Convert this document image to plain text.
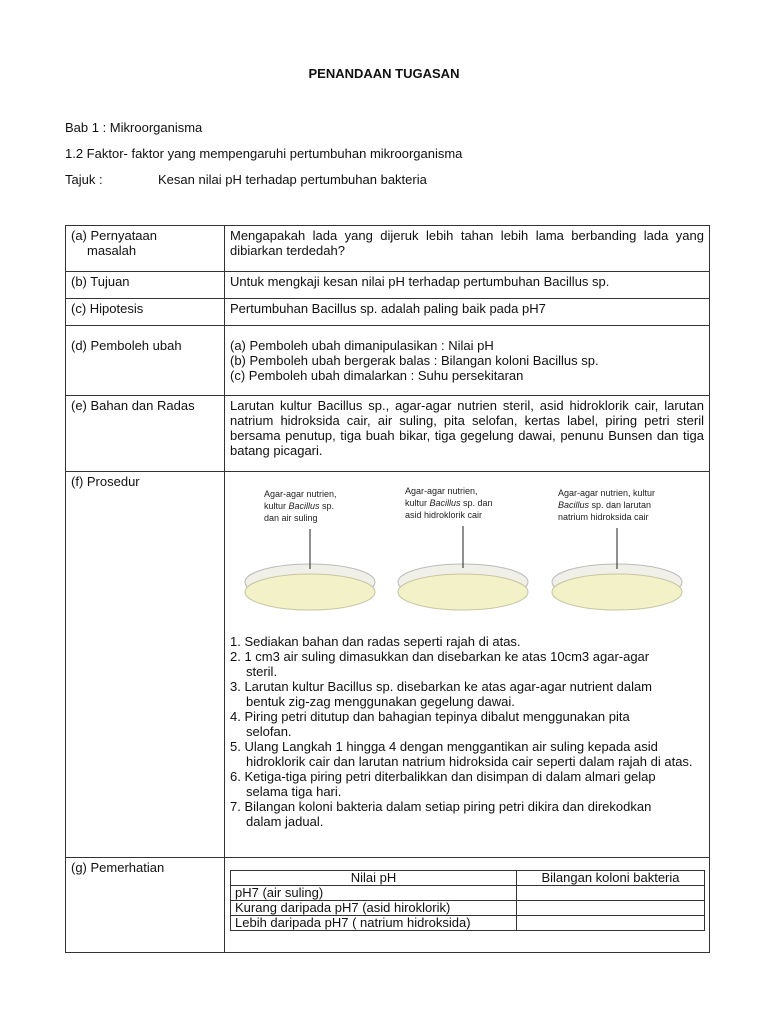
PENANDAAN TUGASAN
Bab 1 : Mikroorganisma
1.2 Faktor- faktor yang mempengaruhi pertumbuhan mikroorganisma
Tajuk :	Kesan nilai pH terhadap pertumbuhan bakteria
(a) Pernyataan
masalah
	Mengapakah lada yang dijeruk lebih tahan lebih lama berbanding lada yang dibiarkan terdedah?
(b) Tujuan	Untuk mengkaji kesan nilai pH terhadap pertumbuhan Bacillus sp.
(c) Hipotesis	Pertumbuhan Bacillus sp. adalah paling baik pada pH7
(d) Pemboleh ubah	(a) Pemboleh ubah dimanipulasikan : Nilai pH
(b) Pemboleh ubah bergerak balas : Bilangan koloni Bacillus sp.
(c) Pemboleh ubah dimalarkan : Suhu persekitaran

(e) Bahan dan Radas	Larutan kultur Bacillus sp., agar-agar nutrien steril, asid hidroklorik cair, larutan natrium hidroksida cair, air suling, pita selofan, kertas label, piring petri steril bersama penutup, tiga buah bikar, tiga gegelung dawai, penunu Bunsen dan tiga batang picagari.
(f) Prosedur	
Agar-agar nutrien,
kultur Bacillus sp.
dan air suling
Agar-agar nutrien,
kultur Bacillus sp. dan
asid hidroklorik cair
Agar-agar nutrien, kultur
Bacillus sp. dan larutan
natrium hidroksida cair
1. Sediakan bahan dan radas seperti rajah di atas.
2. 1 cm3 air suling dimasukkan dan disebarkan ke atas 10cm3 agar-agar
steril.
3. Larutan kultur Bacillus sp. disebarkan ke atas agar-agar nutrient dalam
bentuk zig-zag menggunakan gegelung dawai.
4. Piring petri ditutup dan bahagian tepinya dibalut menggunakan pita
selofan.
5. Ulang Langkah 1 hingga 4 dengan menggantikan air suling kepada asid
hidroklorik cair dan larutan natrium hidroksida cair seperti dalam rajah di atas.
6. Ketiga-tiga piring petri diterbalikkan dan disimpan di dalam almari gelap
selama tiga hari.
7. Bilangan koloni bakteria dalam setiap piring petri dikira dan direkodkan
dalam jadual.

(g) Pemerhatian	
Nilai pH	Bilangan koloni bakteria
pH7 (air suling)	
Kurang daripada pH7 (asid hiroklorik)	
Lebih daripada pH7 ( natrium hidroksida)	
